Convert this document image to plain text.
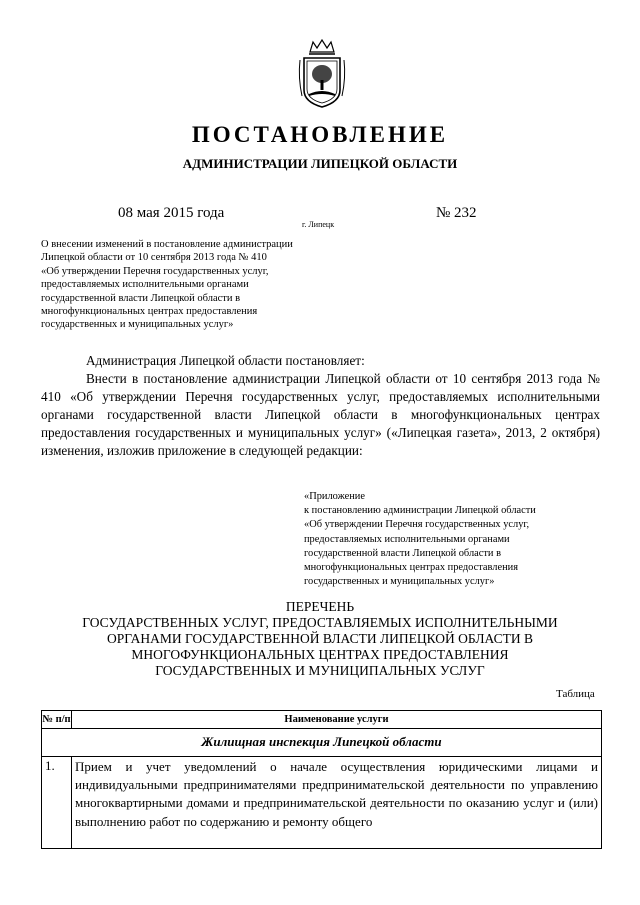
ПОСТАНОВЛЕНИЕ
АДМИНИСТРАЦИИ ЛИПЕЦКОЙ ОБЛАСТИ
08 мая 2015 года
г. Липецк
№ 232
О внесении изменений в постановление администрации
Липецкой области от 10 сентября 2013 года № 410
«Об утверждении Перечня государственных услуг,
предоставляемых исполнительными органами
государственной власти Липецкой области в
многофункциональных центрах предоставления
государственных и муниципальных услуг»
Администрация Липецкой области постановляет:
Внести в постановление администрации Липецкой области от 10 сентября 2013 года № 410 «Об утверждении Перечня государственных услуг, предоставляемых исполнительными органами государственной власти Липецкой области в многофункциональных центрах предоставления государственных и муниципальных услуг» («Липецкая газета», 2013, 2 октября) изменения, изложив приложение в следующей редакции:
«Приложение
к постановлению администрации Липецкой области
«Об утверждении Перечня государственных услуг,
предоставляемых исполнительными органами
государственной власти Липецкой области в
многофункциональных центрах предоставления
государственных и муниципальных услуг»
ПЕРЕЧЕНЬ
ГОСУДАРСТВЕННЫХ УСЛУГ, ПРЕДОСТАВЛЯЕМЫХ ИСПОЛНИТЕЛЬНЫМИ
ОРГАНАМИ ГОСУДАРСТВЕННОЙ ВЛАСТИ ЛИПЕЦКОЙ ОБЛАСТИ В
МНОГОФУНКЦИОНАЛЬНЫХ ЦЕНТРАХ ПРЕДОСТАВЛЕНИЯ
ГОСУДАРСТВЕННЫХ И МУНИЦИПАЛЬНЫХ УСЛУГ
Таблица
№ п/п	Наименование услуги
Жилищная инспекция Липецкой области	
1.	Прием и учет уведомлений о начале осуществления юридическими лицами и индивидуальными предпринимателями предпринимательской деятельности по управлению многоквартирными домами и предпринимательской деятельности по оказанию услуг и (или) выполнению работ по содержанию и ремонту общего
